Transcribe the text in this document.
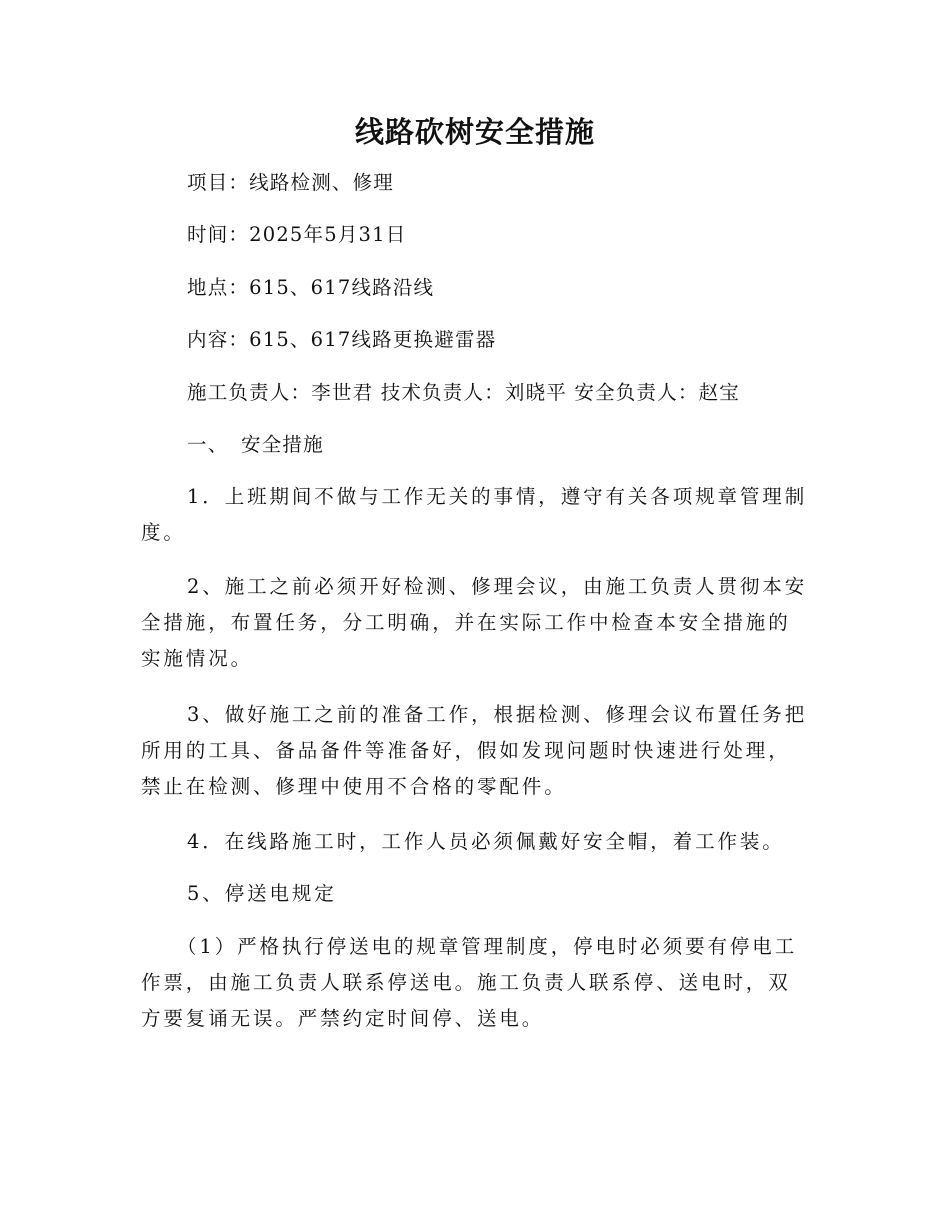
线路砍树安全措施
项目：线路检测、修理
时间：2025年5月31日
地点：615、617线路沿线
内容：615、617线路更换避雷器
施工负责人：李世君 技术负责人：刘晓平 安全负责人：赵宝
一、 安全措施

1．上班期间不做与工作无关的事情，遵守有关各项规章管理制度。

2、施工之前必须开好检测、修理会议，由施工负责人贯彻本安全措施，布置任务，分工明确，并在实际工作中检查本安全措施的实施情况。

3、做好施工之前的准备工作，根据检测、修理会议布置任务把所用的工具、备品备件等准备好，假如发现问题时快速进行处理，禁止在检测、修理中使用不合格的零配件。

4．在线路施工时，工作人员必须佩戴好安全帽，着工作装。

5、停送电规定

（1）严格执行停送电的规章管理制度，停电时必须要有停电工作票，由施工负责人联系停送电。施工负责人联系停、送电时，双方要复诵无误。严禁约定时间停、送电。
